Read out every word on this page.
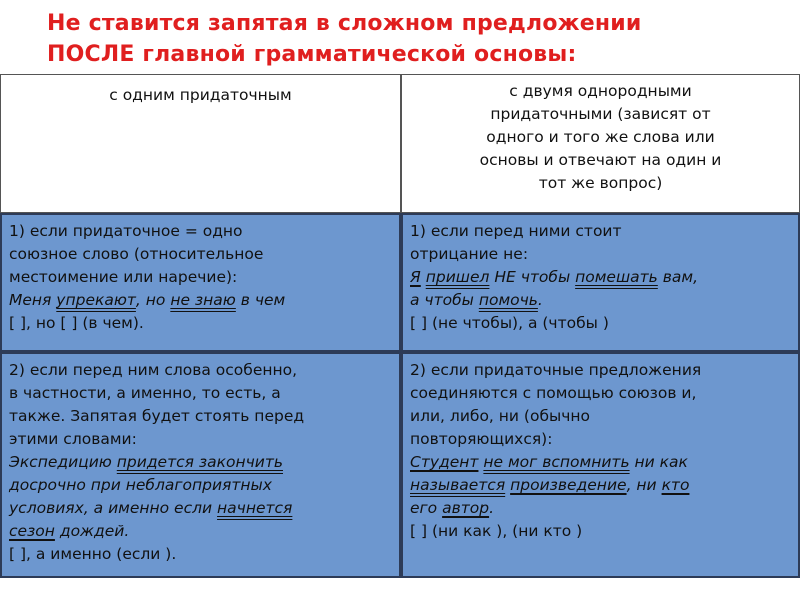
Не ставится запятая в сложном предложении
ПОСЛЕ главной грамматической основы:
с одним придаточным	с двумя однородными
придаточными (зависят от
одного и того же слова или
основы и отвечают на один и
тот же вопрос)
1) если придаточное = одно
союзное слово (относительное
местоимение или наречие):
Меня упрекают, но не знаю в чем
[ ], но [ ] (в чем).
1) если перед ними стоит
отрицание не:
Я пришел НЕ чтобы помешать вам,
а чтобы помочь.
[ ] (не чтобы), а (чтобы )
2) если перед ним слова особенно,
в частности, а именно, то есть, а
также. Запятая будет стоять перед
этими словами:
Экспедицию придется закончить
досрочно при неблагоприятных
условиях, а именно если начнется
сезон дождей.
[ ], а именно (если ).
2) если придаточные предложения
соединяются с помощью союзов и,
или, либо, ни (обычно
повторяющихся):
Студент не мог вспомнить ни как
называется произведение, ни кто
его автор.
[ ] (ни как ), (ни кто )
